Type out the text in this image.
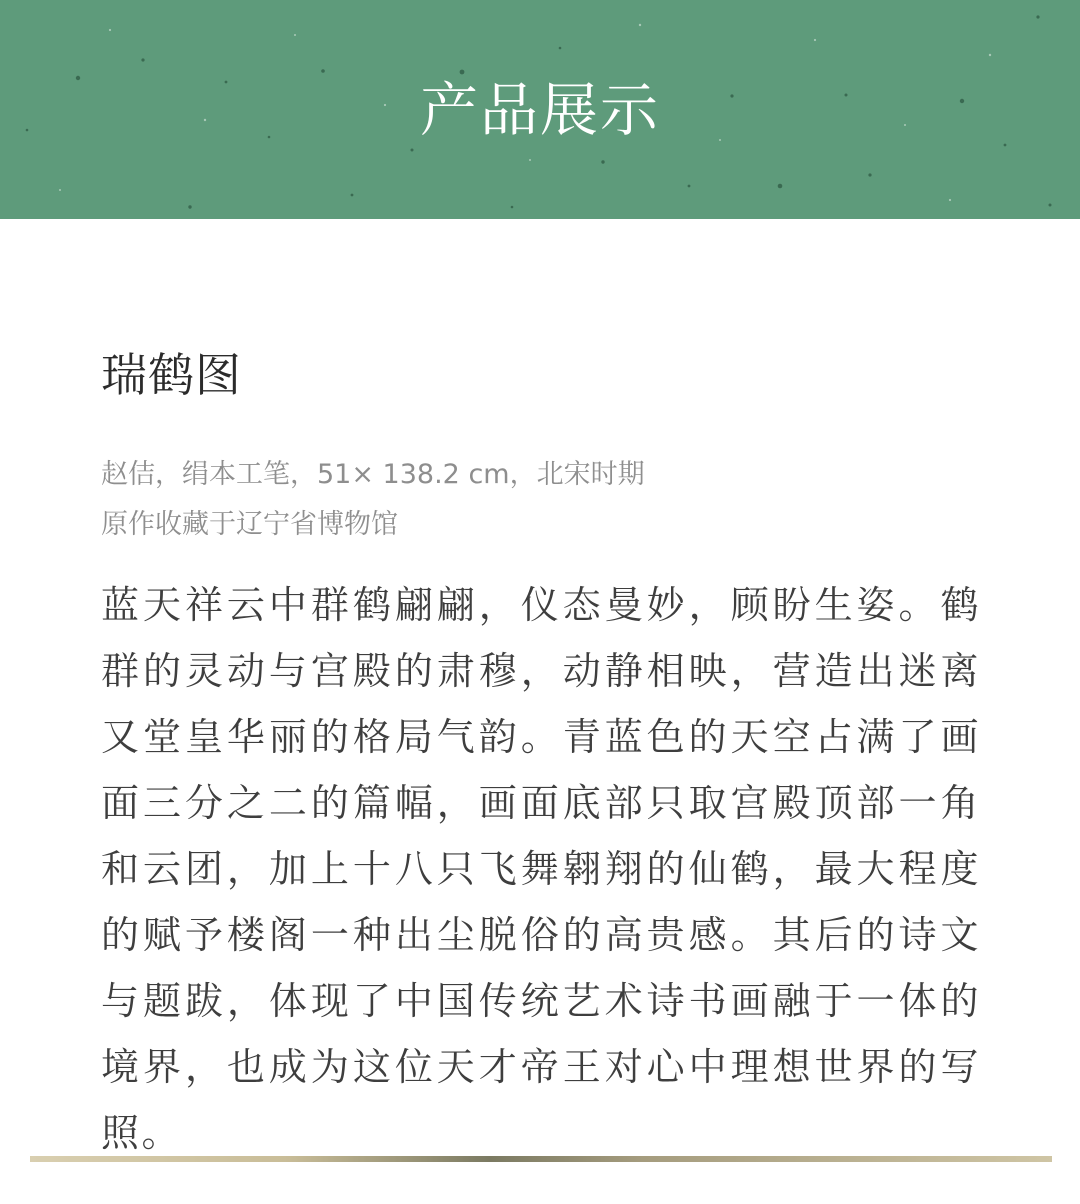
产品展示
瑞鹤图
赵佶，绢本工笔，51× 138.2 cm，北宋时期
原作收藏于辽宁省博物馆

蓝天祥云中群鹤翩翩，仪态曼妙，顾盼生姿。鹤群的灵动与宫殿的肃穆，动静相映，营造出迷离又堂皇华丽的格局气韵。青蓝色的天空占满了画面三分之二的篇幅，画面底部只取宫殿顶部一角和云团，加上十八只飞舞翱翔的仙鹤，最大程度的赋予楼阁一种出尘脱俗的高贵感。其后的诗文与题跋，体现了中国传统艺术诗书画融于一体的境界，也成为这位天才帝王对心中理想世界的写照。
